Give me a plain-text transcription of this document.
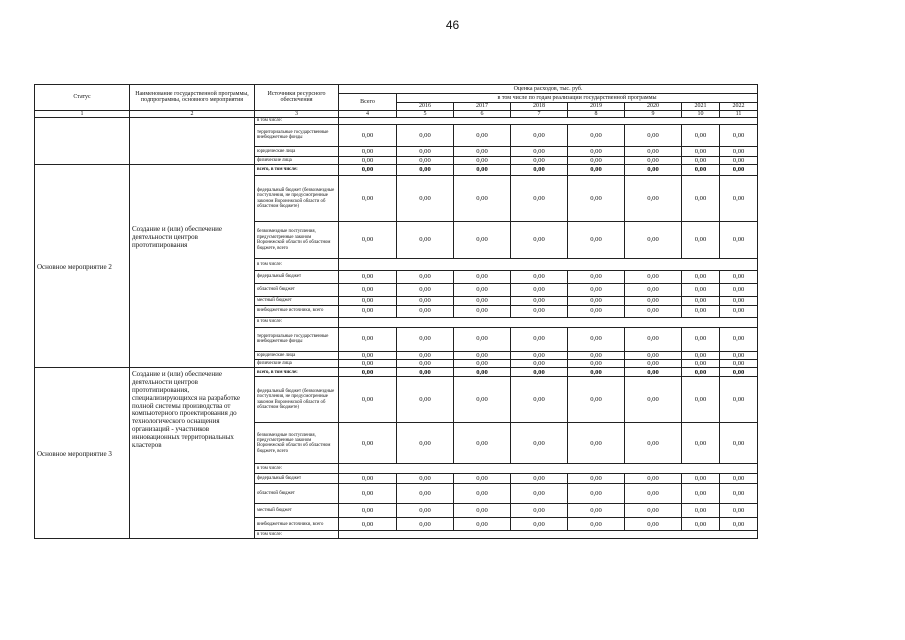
46
Статус	Наименование государственной программы, подпрограммы, основного мероприятия	Источники ресурсного обеспечения	Оценка расходов, тыс. руб.							
			Всего	в том числе по годам реализации государственной программы						
				2016	2017	2018	2019	2020	2021	2022
1	2	3	4	5	6	7	8	9	10	11
		в том числе:								
		территориальные государственные внебюджетные фонды	0,00	0,00	0,00	0,00	0,00	0,00	0,00	0,00
		юридические лица	0,00	0,00	0,00	0,00	0,00	0,00	0,00	0,00
		физические лица	0,00	0,00	0,00	0,00	0,00	0,00	0,00	0,00
Основное мероприятие 2	Создание и (или) обеспечение деятельности центров прототипирования	всего, в том числе:	0,00	0,00	0,00	0,00	0,00	0,00	0,00	0,00
		федеральный бюджет (безвозмездные поступления, не предусмотренные законом Воронежской области об областном бюджете)	0,00	0,00	0,00	0,00	0,00	0,00	0,00	0,00
		безвозмездные поступления, предусмотренные законом Воронежской области об областном бюджете, всего	0,00	0,00	0,00	0,00	0,00	0,00	0,00	0,00
		в том числе:								
		федеральный бюджет	0,00	0,00	0,00	0,00	0,00	0,00	0,00	0,00
		областной бюджет	0,00	0,00	0,00	0,00	0,00	0,00	0,00	0,00
		местный бюджет	0,00	0,00	0,00	0,00	0,00	0,00	0,00	0,00
		внебюджетные источники, всего	0,00	0,00	0,00	0,00	0,00	0,00	0,00	0,00
		в том числе:								
		территориальные государственные внебюджетные фонды	0,00	0,00	0,00	0,00	0,00	0,00	0,00	0,00
		юридические лица	0,00	0,00	0,00	0,00	0,00	0,00	0,00	0,00
		физические лица	0,00	0,00	0,00	0,00	0,00	0,00	0,00	0,00
Основное мероприятие 3	Создание и (или) обеспечение деятельности центров прототипирования, специализирующихся на разработке полной системы производства от компьютерного проектирования до технологического оснащения организаций - участников инновационных территориальных кластеров	всего, в том числе:	0,00	0,00	0,00	0,00	0,00	0,00	0,00	0,00
		федеральный бюджет (безвозмездные поступления, не предусмотренные законом Воронежской области об областном бюджете)	0,00	0,00	0,00	0,00	0,00	0,00	0,00	0,00
		безвозмездные поступления, предусмотренные законом Воронежской области об областном бюджете, всего	0,00	0,00	0,00	0,00	0,00	0,00	0,00	0,00
		в том числе:								
		федеральный бюджет	0,00	0,00	0,00	0,00	0,00	0,00	0,00	0,00
		областной бюджет	0,00	0,00	0,00	0,00	0,00	0,00	0,00	0,00
		местный бюджет	0,00	0,00	0,00	0,00	0,00	0,00	0,00	0,00
		внебюджетные источники, всего	0,00	0,00	0,00	0,00	0,00	0,00	0,00	0,00
		в том числе:								
